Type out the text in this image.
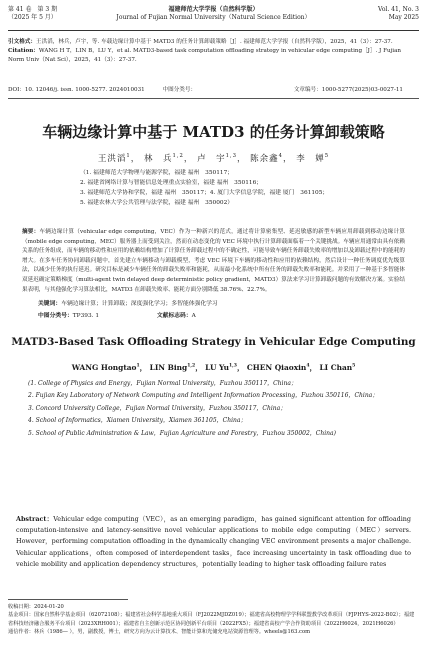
第 41 卷　第 3 期
（2025 年 5 月）
福建师范大学学报（自然科学版）
Journal of Fujian Normal University（Natural Science Edition）
Vol. 41, No. 3
May 2025
引文格式：王洪滔，林兵，卢宇，等. 车载边缘计算中基于 MATD3 的任务计算卸载策略［J］. 福建师范大学学报（自然科学版），2025，41（3）：27-37.
Citation：WANG H T，LIN B，LU Y，et al. MATD3-based task computation offloading strategy in vehicular edge computing［J］. J Fujian Norm Univ（Nat Sci），2025，41（3）：27-37.
DOI：10. 12046/j. issn. 1000-5277. 2024010031	中图分类号：	文章编号：1000-5277(2025)03-0027-11
车辆边缘计算中基于 MATD3 的任务计算卸载策略
王洪滔$^1$， 林　兵$^{1,2}$， 卢　宇$^{1,3}$， 陈余鑫$^4$， 李　婵$^5$
（1. 福建师范大学物理与能源学院，福建 福州　350117；
2. 福建省网络计算与智能信息处理重点实验室，福建 福州　350116；
3. 福建师范大学协和学院，福建 福州　350117；4. 厦门大学信息学院，福建 厦门　361105；
5. 福建农林大学公共管理与法学院，福建 福州　350002）
摘要：车辆边缘计算（vehicular edge computing，VEC）作为一种新兴的范式，通过将计算密集型、延迟敏感的新型车辆应用卸载到移动边缘计算（mobile edge computing，MEC）服务器上而受到关注，然而在动态变化的 VEC 环境中执行计算卸载面临着一个关键挑战。车辆应用通常由具有依赖关系的任务组成，而车辆的移动性和应用的依赖结构增加了计算任务卸载过程中的不确定性，可能导致车辆任务卸载失败率的增加以及卸载过程中的能耗的增大。在多车任务协同卸载问题中，首先建立车辆移动与卸载模型，考虑 VEC 环境下车辆的移动性和应用的依赖结构，然后设计一种任务调度优先级算法，以减少任务的执行延迟。研究目标是减少车辆任务的卸载失败率和能耗，从而最小化系统中所有任务的卸载失败率和能耗。并采用了一种基于多智能体双延迟确定策略梯度（multi-agent twin delayed deep deterministic policy gradient，MATD3）算法来学习计算卸载问题的有效解决方案。实验结果表明，与其他强化学习算法相比，MATD3 在卸载失败率、能耗方面分别降低 38.76%、22.7%。
关键词：车辆边缘计算；计算卸载；深度强化学习；多智能体强化学习
中图分类号：TP393. 1	文献标志码：A
MATD3-Based Task Offloading Strategy in Vehicular Edge Computing
WANG Hongtao$^1$， LIN Bing$^{1,2}$， LU Yu$^{1,3}$， CHEN Qiaoxin$^4$， LI Chan$^5$
(1. College of Physics and Energy，Fujian Normal University，Fuzhou 350117，China；
2. Fujian Key Laboratory of Network Computing and Intelligent Information Processing，Fuzhou 350116，China；
3. Concord University College，Fujian Normal University，Fuzhou 350117，China；
4. School of Informatics，Xiamen University，Xiamen 361105，China；
5. School of Public Administration & Law，Fujian Agriculture and Forestry，Fuzhou 350002，China)
Abstract：Vehicular edge computing（VEC），as an emerging paradigm，has gained significant attention for offloading computation-intensive and latency-sensitive novel vehicular applications to mobile edge computing（MEC）servers. However，performing computation offloading in the dynamically changing VEC environment presents a major challenge. Vehicular applications，often composed of interdependent tasks，face increasing uncertainty in task offloading due to vehicle mobility and application dependency structures，potentially leading to higher task offloading failure rates
收稿日期：2024-01-20
基金项目：国家自然科学基金项目（62072108）；福建省社会科学基地重大项目（FJ2022MJDZ019）；福建省高校物理学学科联盟教学改革项目（FJPHYS-2022-B02）；福建省科技经济融合服务平台项目（2023XRH001）；福建省自主创新示范区协同创新平台项目（2022FX5）；福建省高校产学合作资助项目（2022H6024，2021H6026）
通信作者：林兵（1986— ），男，副教授，博士，研究方向为云计算技术、智能计算和光储充电站资源管理等。wheels@163.com
